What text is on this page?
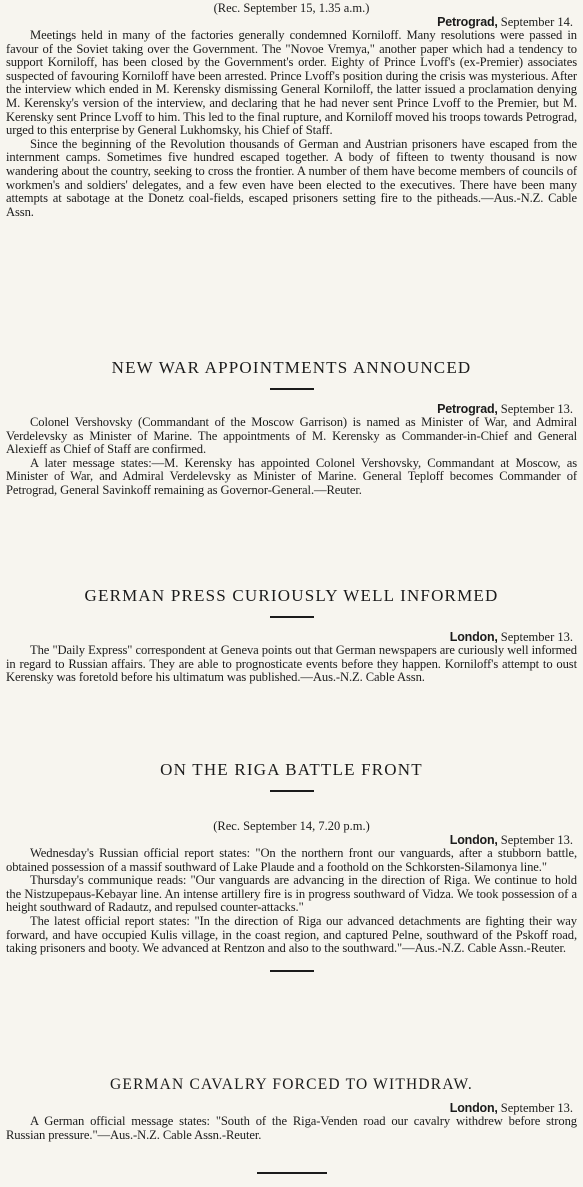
(Rec. September 15, 1.35 a.m.)
Petrograd, September 14.

Meetings held in many of the factories generally condemned Korniloff. Many resolutions were passed in favour of the Soviet taking over the Government. The "Novoe Vremya," another paper which had a tendency to support Korniloff, has been closed by the Government's order. Eighty of Prince Lvoff's (ex-Premier) associates suspected of favouring Korniloff have been arrested. Prince Lvoff's position during the crisis was mysterious. After the interview which ended in M. Kerensky dismissing General Korniloff, the latter issued a proclamation denying M. Kerensky's version of the interview, and declaring that he had never sent Prince Lvoff to the Premier, but M. Kerensky sent Prince Lvoff to him. This led to the final rupture, and Korniloff moved his troops towards Petrograd, urged to this enterprise by General Lukhomsky, his Chief of Staff.

Since the beginning of the Revolution thousands of German and Austrian prisoners have escaped from the internment camps. Sometimes five hundred escaped together. A body of fifteen to twenty thousand is now wandering about the country, seeking to cross the frontier. A number of them have become members of councils of workmen's and soldiers' delegates, and a few even have been elected to the executives. There have been many attempts at sabotage at the Donetz coal-fields, escaped prisoners setting fire to the pitheads.—Aus.-N.Z. Cable Assn.

NEW WAR APPOINTMENTS ANNOUNCED
Petrograd, September 13.

Colonel Vershovsky (Commandant of the Moscow Garrison) is named as Minister of War, and Admiral Verdelevsky as Minister of Marine. The appointments of M. Kerensky as Commander-in-Chief and General Alexieff as Chief of Staff are confirmed.

A later message states:—M. Kerensky has appointed Colonel Vershovsky, Commandant at Moscow, as Minister of War, and Admiral Verdelevsky as Minister of Marine. General Teploff becomes Commander of Petrograd, General Savinkoff remaining as Governor-General.—Reuter.

GERMAN PRESS CURIOUSLY WELL INFORMED
London, September 13.

The "Daily Express" correspondent at Geneva points out that German newspapers are curiously well informed in regard to Russian affairs. They are able to prognosticate events before they happen. Korniloff's attempt to oust Kerensky was foretold before his ultimatum was published.—Aus.-N.Z. Cable Assn.

ON THE RIGA BATTLE FRONT
(Rec. September 14, 7.20 p.m.)
London, September 13.

Wednesday's Russian official report states: "On the northern front our vanguards, after a stubborn battle, obtained possession of a massif southward of Lake Plaude and a foothold on the Schkorsten-Silamonya line."

Thursday's communique reads: "Our vanguards are advancing in the direction of Riga. We continue to hold the Nistzupepaus-Kebayar line. An intense artillery fire is in progress southward of Vidza. We took possession of a height southward of Radautz, and repulsed counter-attacks."

The latest official report states: "In the direction of Riga our advanced detachments are fighting their way forward, and have occupied Kulis village, in the coast region, and captured Pelne, southward of the Pskoff road, taking prisoners and booty. We advanced at Rentzon and also to the southward."—Aus.-N.Z. Cable Assn.-Reuter.

GERMAN CAVALRY FORCED TO WITHDRAW.
London, September 13.

A German official message states: "South of the Riga-Venden road our cavalry withdrew before strong Russian pressure."—Aus.-N.Z. Cable Assn.-Reuter.
